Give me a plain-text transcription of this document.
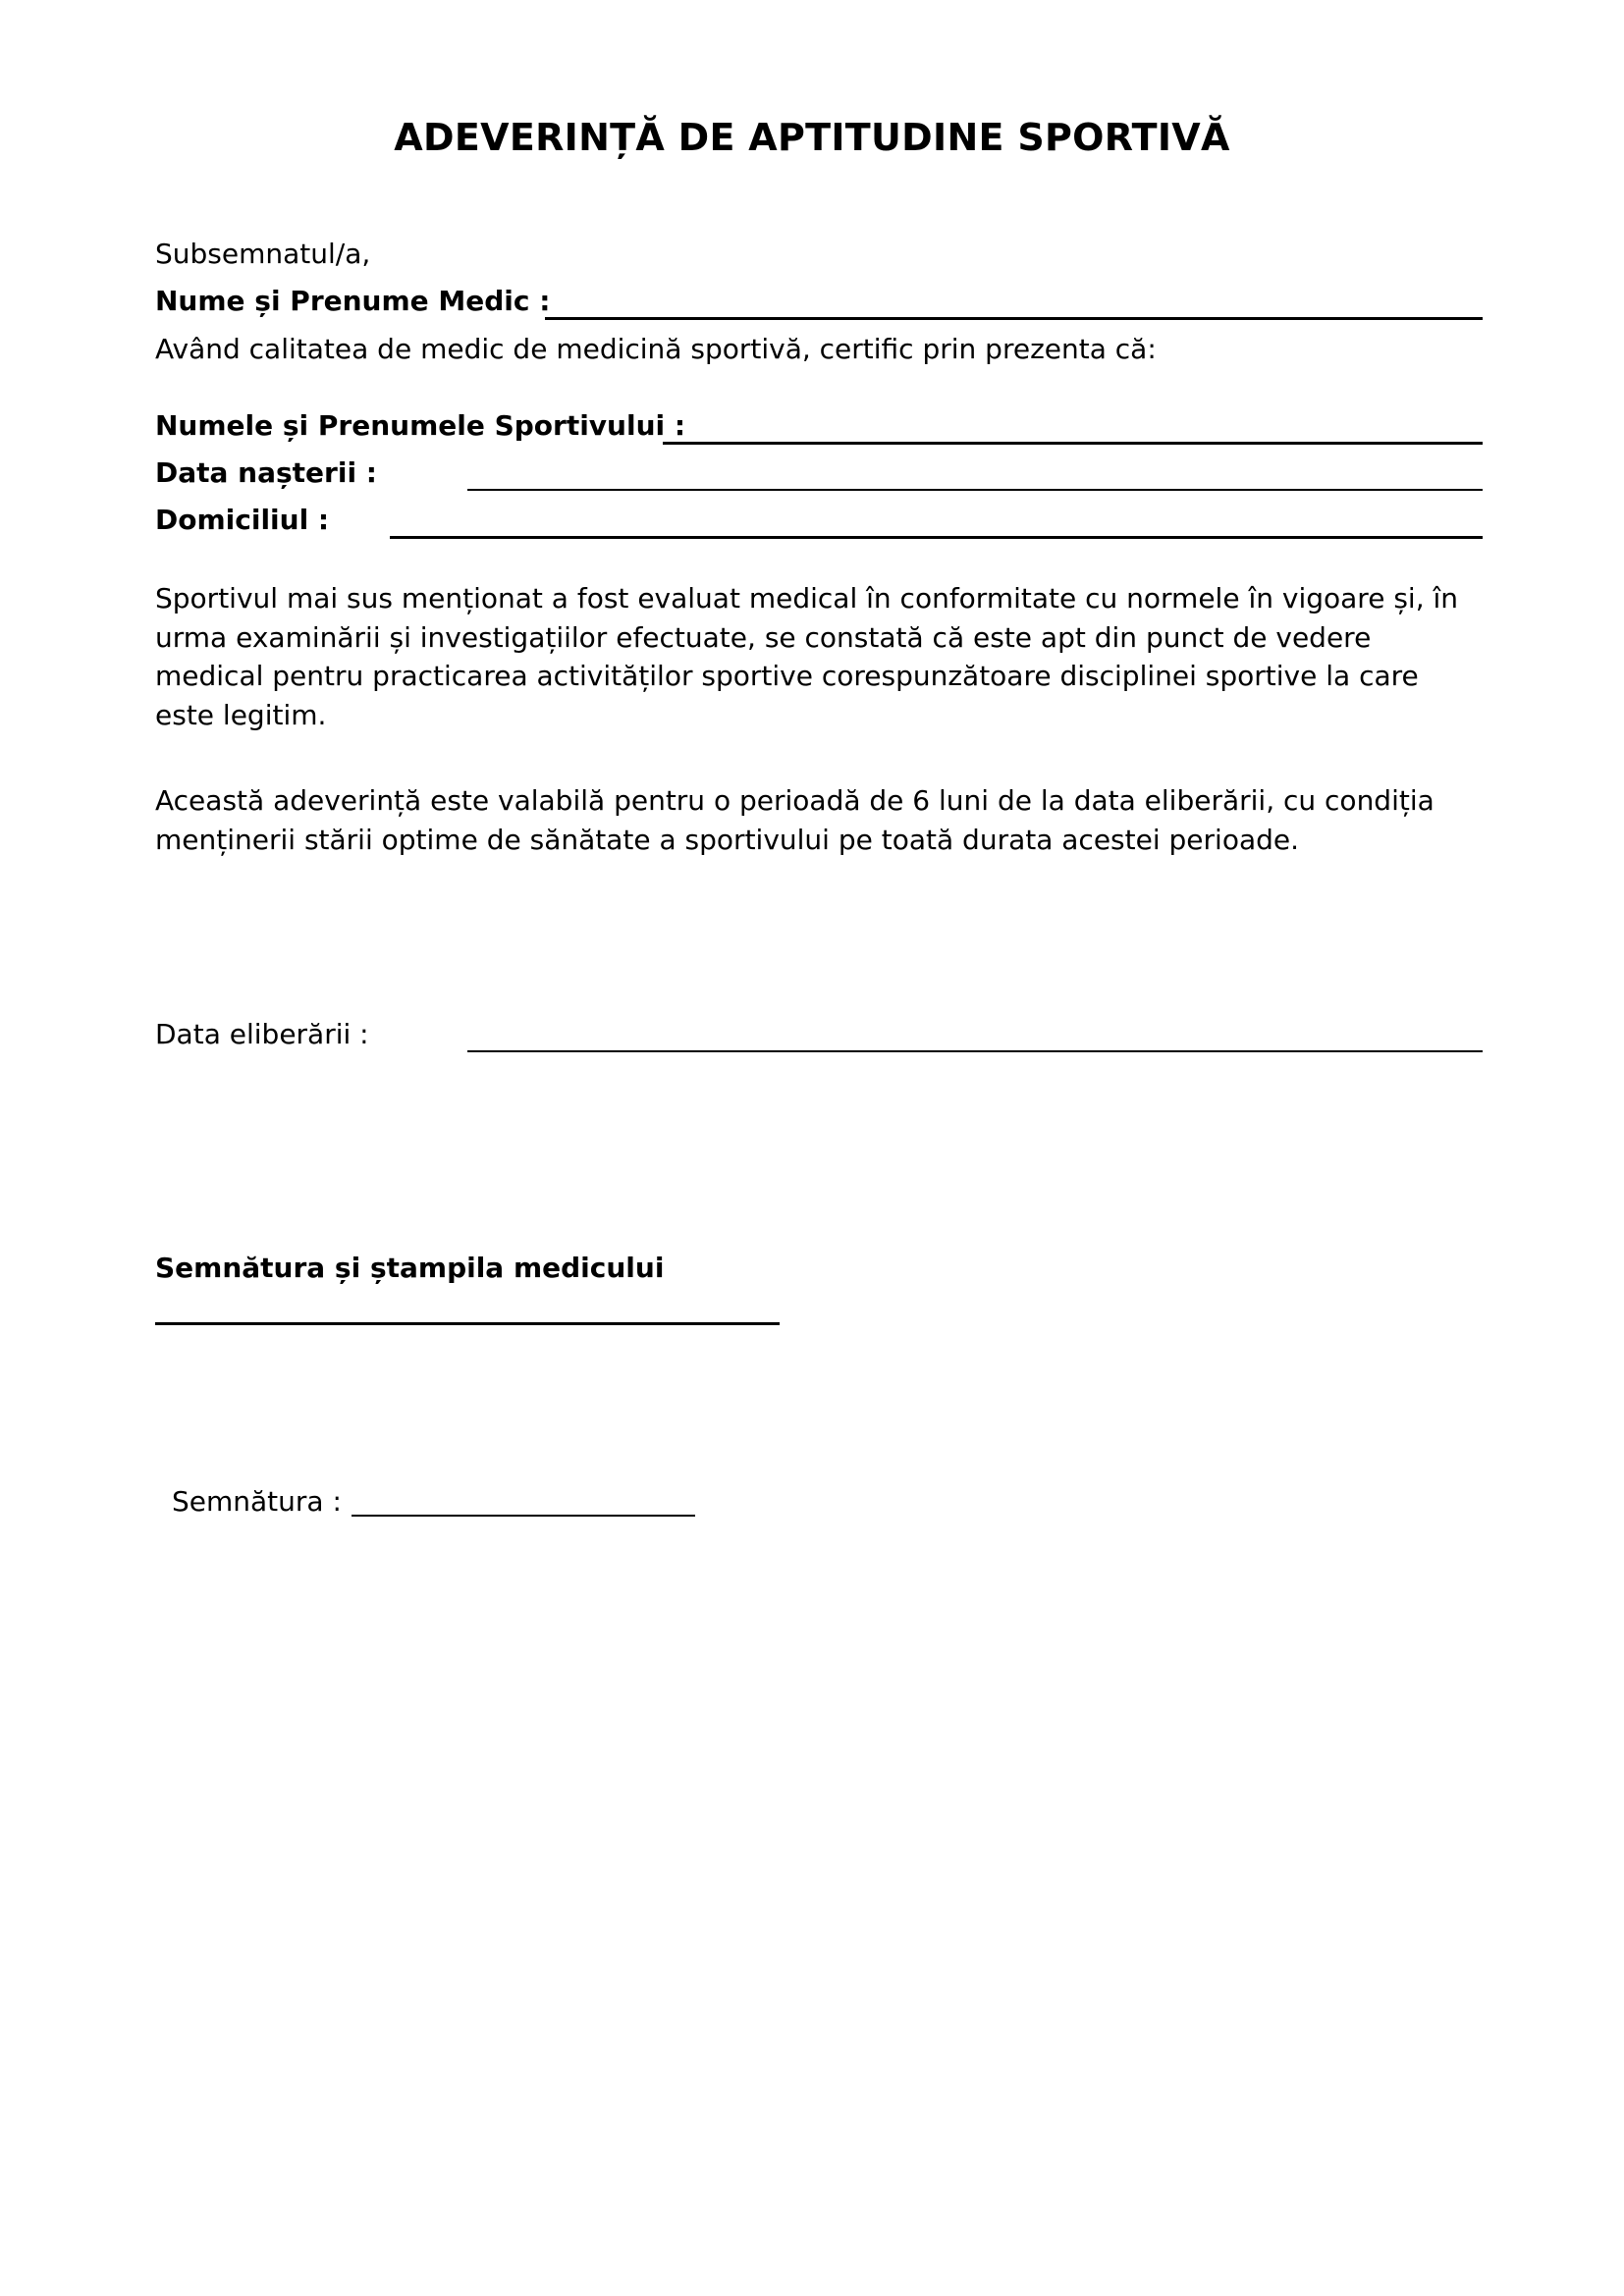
ADEVERINȚĂ DE APTITUDINE SPORTIVĂ
Subsemnatul/a,
Nume și Prenume Medic :
Având calitatea de medic de medicină sportivă, certific prin prezenta că:
Numele și Prenumele Sportivului :
Data nașterii :
Domiciliul :
Sportivul mai sus menționat a fost evaluat medical în conformitate cu normele în vigoare și, în urma examinării și investigațiilor efectuate, se constată că este apt din punct de vedere medical pentru practicarea activităților sportive corespunzătoare disciplinei sportive la care este legitim.
Această adeverință este valabilă pentru o perioadă de 6 luni de la data eliberării, cu condiția menținerii stării optime de sănătate a sportivului pe toată durata acestei perioade.
Data eliberării :
Semnătura și ștampila medicului
Semnătura :
